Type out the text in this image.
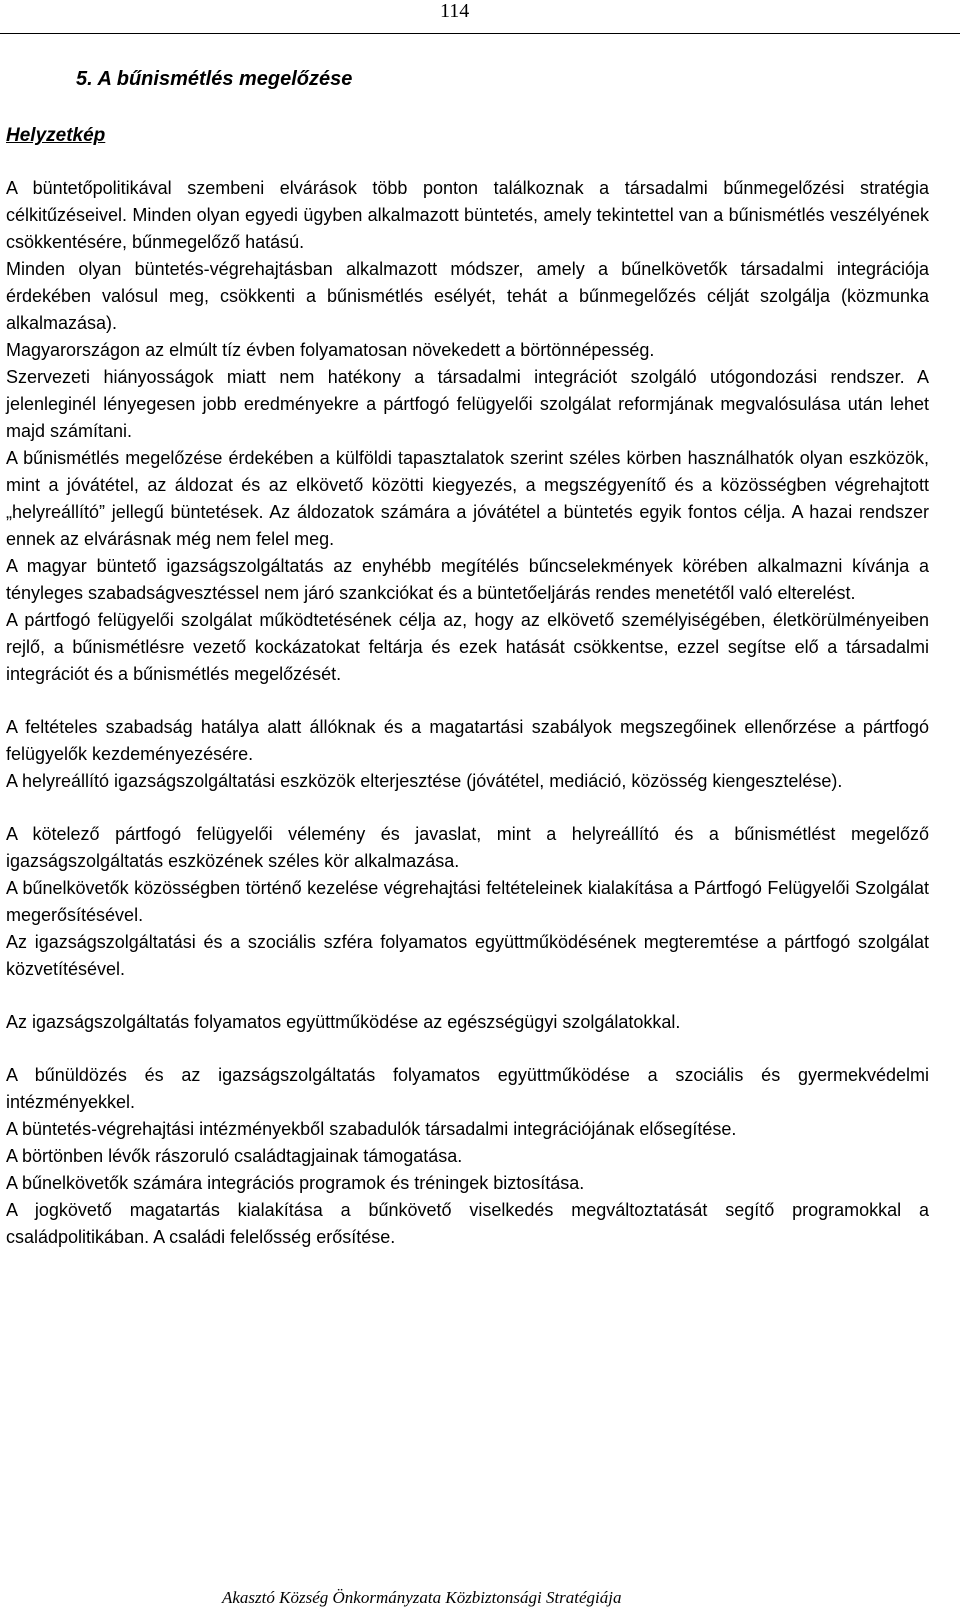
114
5. A bűnismétlés megelőzése
Helyzetkép

A büntetőpolitikával szembeni elvárások több ponton találkoznak a társadalmi bűnmegelőzési stratégia célkitűzéseivel. Minden olyan egyedi ügyben alkalmazott büntetés, amely tekintettel van a bűnismétlés veszélyének csökkentésére, bűnmegelőző hatású.

Minden olyan büntetés-végrehajtásban alkalmazott módszer, amely a bűnelkövetők társadalmi integrációja érdekében valósul meg, csökkenti a bűnismétlés esélyét, tehát a bűnmegelőzés célját szolgálja (közmunka alkalmazása).

Magyarországon az elmúlt tíz évben folyamatosan növekedett a börtönnépesség.

Szervezeti hiányosságok miatt nem hatékony a társadalmi integrációt szolgáló utógondozási rendszer. A jelenleginél lényegesen jobb eredményekre a pártfogó felügyelői szolgálat reformjának megvalósulása után lehet majd számítani.

A bűnismétlés megelőzése érdekében a külföldi tapasztalatok szerint széles körben használhatók olyan eszközök, mint a jóvátétel, az áldozat és az elkövető közötti kiegyezés, a megszégyenítő és a közösségben végrehajtott „helyreállító” jellegű büntetések. Az áldozatok számára a jóvátétel a büntetés egyik fontos célja. A hazai rendszer ennek az elvárásnak még nem felel meg.

A magyar büntető igazságszolgáltatás az enyhébb megítélés bűncselekmények körében alkalmazni kívánja a tényleges szabadságvesztéssel nem járó szankciókat és a büntetőeljárás rendes menetétől való elterelést.

A pártfogó felügyelői szolgálat működtetésének célja az, hogy az elkövető személyiségében, életkörülményeiben rejlő, a bűnismétlésre vezető kockázatokat feltárja és ezek hatását csökkentse, ezzel segítse elő a társadalmi integrációt és a bűnismétlés megelőzését.

A feltételes szabadság hatálya alatt állóknak és a magatartási szabályok megszegőinek ellenőrzése a pártfogó felügyelők kezdeményezésére.

A helyreállító igazságszolgáltatási eszközök elterjesztése (jóvátétel, mediáció, közösség kiengesztelése).

A kötelező pártfogó felügyelői vélemény és javaslat, mint a helyreállító és a bűnismétlést megelőző igazságszolgáltatás eszközének széles kör alkalmazása.

A bűnelkövetők közösségben történő kezelése végrehajtási feltételeinek kialakítása a Pártfogó Felügyelői Szolgálat megerősítésével.

Az igazságszolgáltatási és a szociális szféra folyamatos együttműködésének megteremtése a pártfogó szolgálat közvetítésével.

Az igazságszolgáltatás folyamatos együttműködése az egészségügyi szolgálatokkal.

A bűnüldözés és az igazságszolgáltatás folyamatos együttműködése a szociális és gyermekvédelmi intézményekkel.

A büntetés-végrehajtási intézményekből szabadulók társadalmi integrációjának elősegítése.

A börtönben lévők rászoruló családtagjainak támogatása.

A bűnelkövetők számára integrációs programok és tréningek biztosítása.

A jogkövető magatartás kialakítása a bűnkövető viselkedés megváltoztatását segítő programokkal a családpolitikában. A családi felelősség erősítése.

Akasztó Község Önkormányzata Közbiztonsági Stratégiája
